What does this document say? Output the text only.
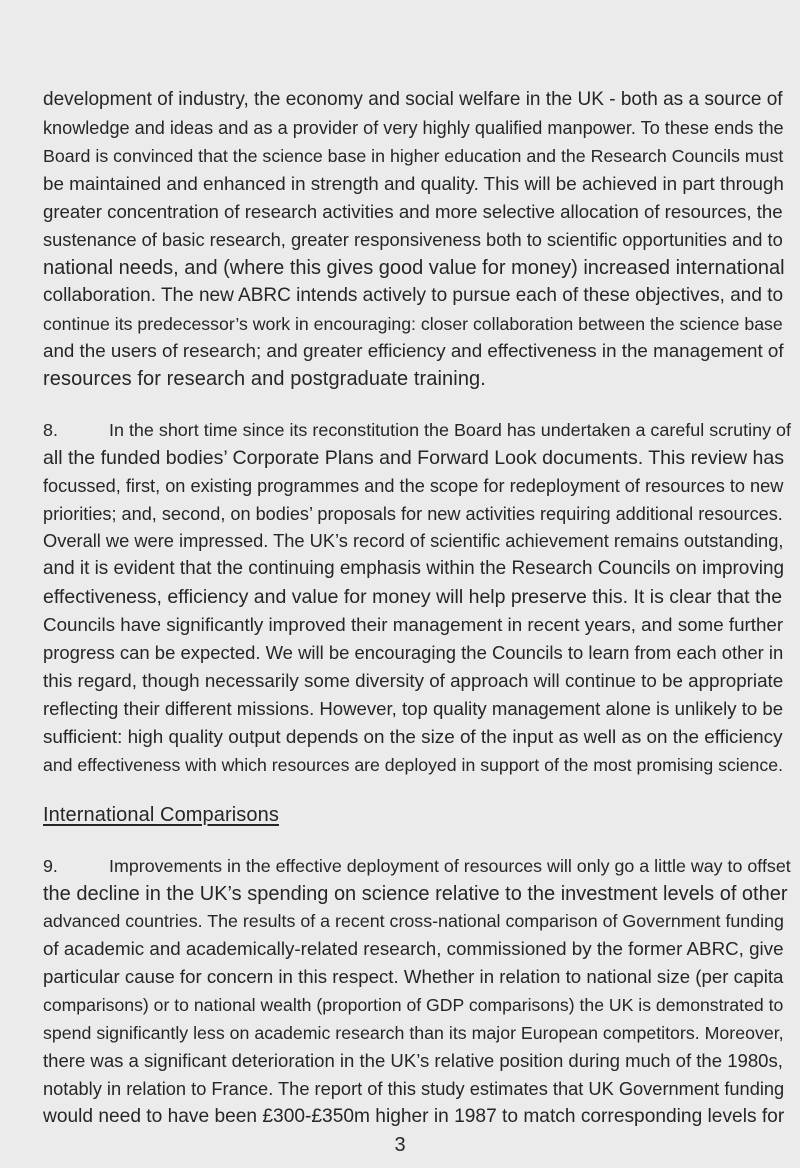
development of industry, the economy and social welfare in the UK - both as a source of
knowledge and ideas and as a provider of very highly qualified manpower. To these ends the
Board is convinced that the science base in higher education and the Research Councils must
be maintained and enhanced in strength and quality. This will be achieved in part through
greater concentration of research activities and more selective allocation of resources, the
sustenance of basic research, greater responsiveness both to scientific opportunities and to
national needs, and (where this gives good value for money) increased international
collaboration. The new ABRC intends actively to pursue each of these objectives, and to
continue its predecessor’s work in encouraging: closer collaboration between the science base
and the users of research; and greater efficiency and effectiveness in the management of
resources for research and postgraduate training.
8.	In the short time since its reconstitution the Board has undertaken a careful scrutiny of
all the funded bodies’ Corporate Plans and Forward Look documents. This review has
focussed, first, on existing programmes and the scope for redeployment of resources to new
priorities; and, second, on bodies’ proposals for new activities requiring additional resources.
Overall we were impressed. The UK’s record of scientific achievement remains outstanding,
and it is evident that the continuing emphasis within the Research Councils on improving
effectiveness, efficiency and value for money will help preserve this. It is clear that the
Councils have significantly improved their management in recent years, and some further
progress can be expected. We will be encouraging the Councils to learn from each other in
this regard, though necessarily some diversity of approach will continue to be appropriate
reflecting their different missions. However, top quality management alone is unlikely to be
sufficient: high quality output depends on the size of the input as well as on the efficiency
and effectiveness with which resources are deployed in support of the most promising science.
International Comparisons
9.	Improvements in the effective deployment of resources will only go a little way to offset
the decline in the UK’s spending on science relative to the investment levels of other
advanced countries. The results of a recent cross-national comparison of Government funding
of academic and academically-related research, commissioned by the former ABRC, give
particular cause for concern in this respect. Whether in relation to national size (per capita
comparisons) or to national wealth (proportion of GDP comparisons) the UK is demonstrated to
spend significantly less on academic research than its major European competitors. Moreover,
there was a significant deterioration in the UK’s relative position during much of the 1980s,
notably in relation to France. The report of this study estimates that UK Government funding
would need to have been £300-£350m higher in 1987 to match corresponding levels for
3
